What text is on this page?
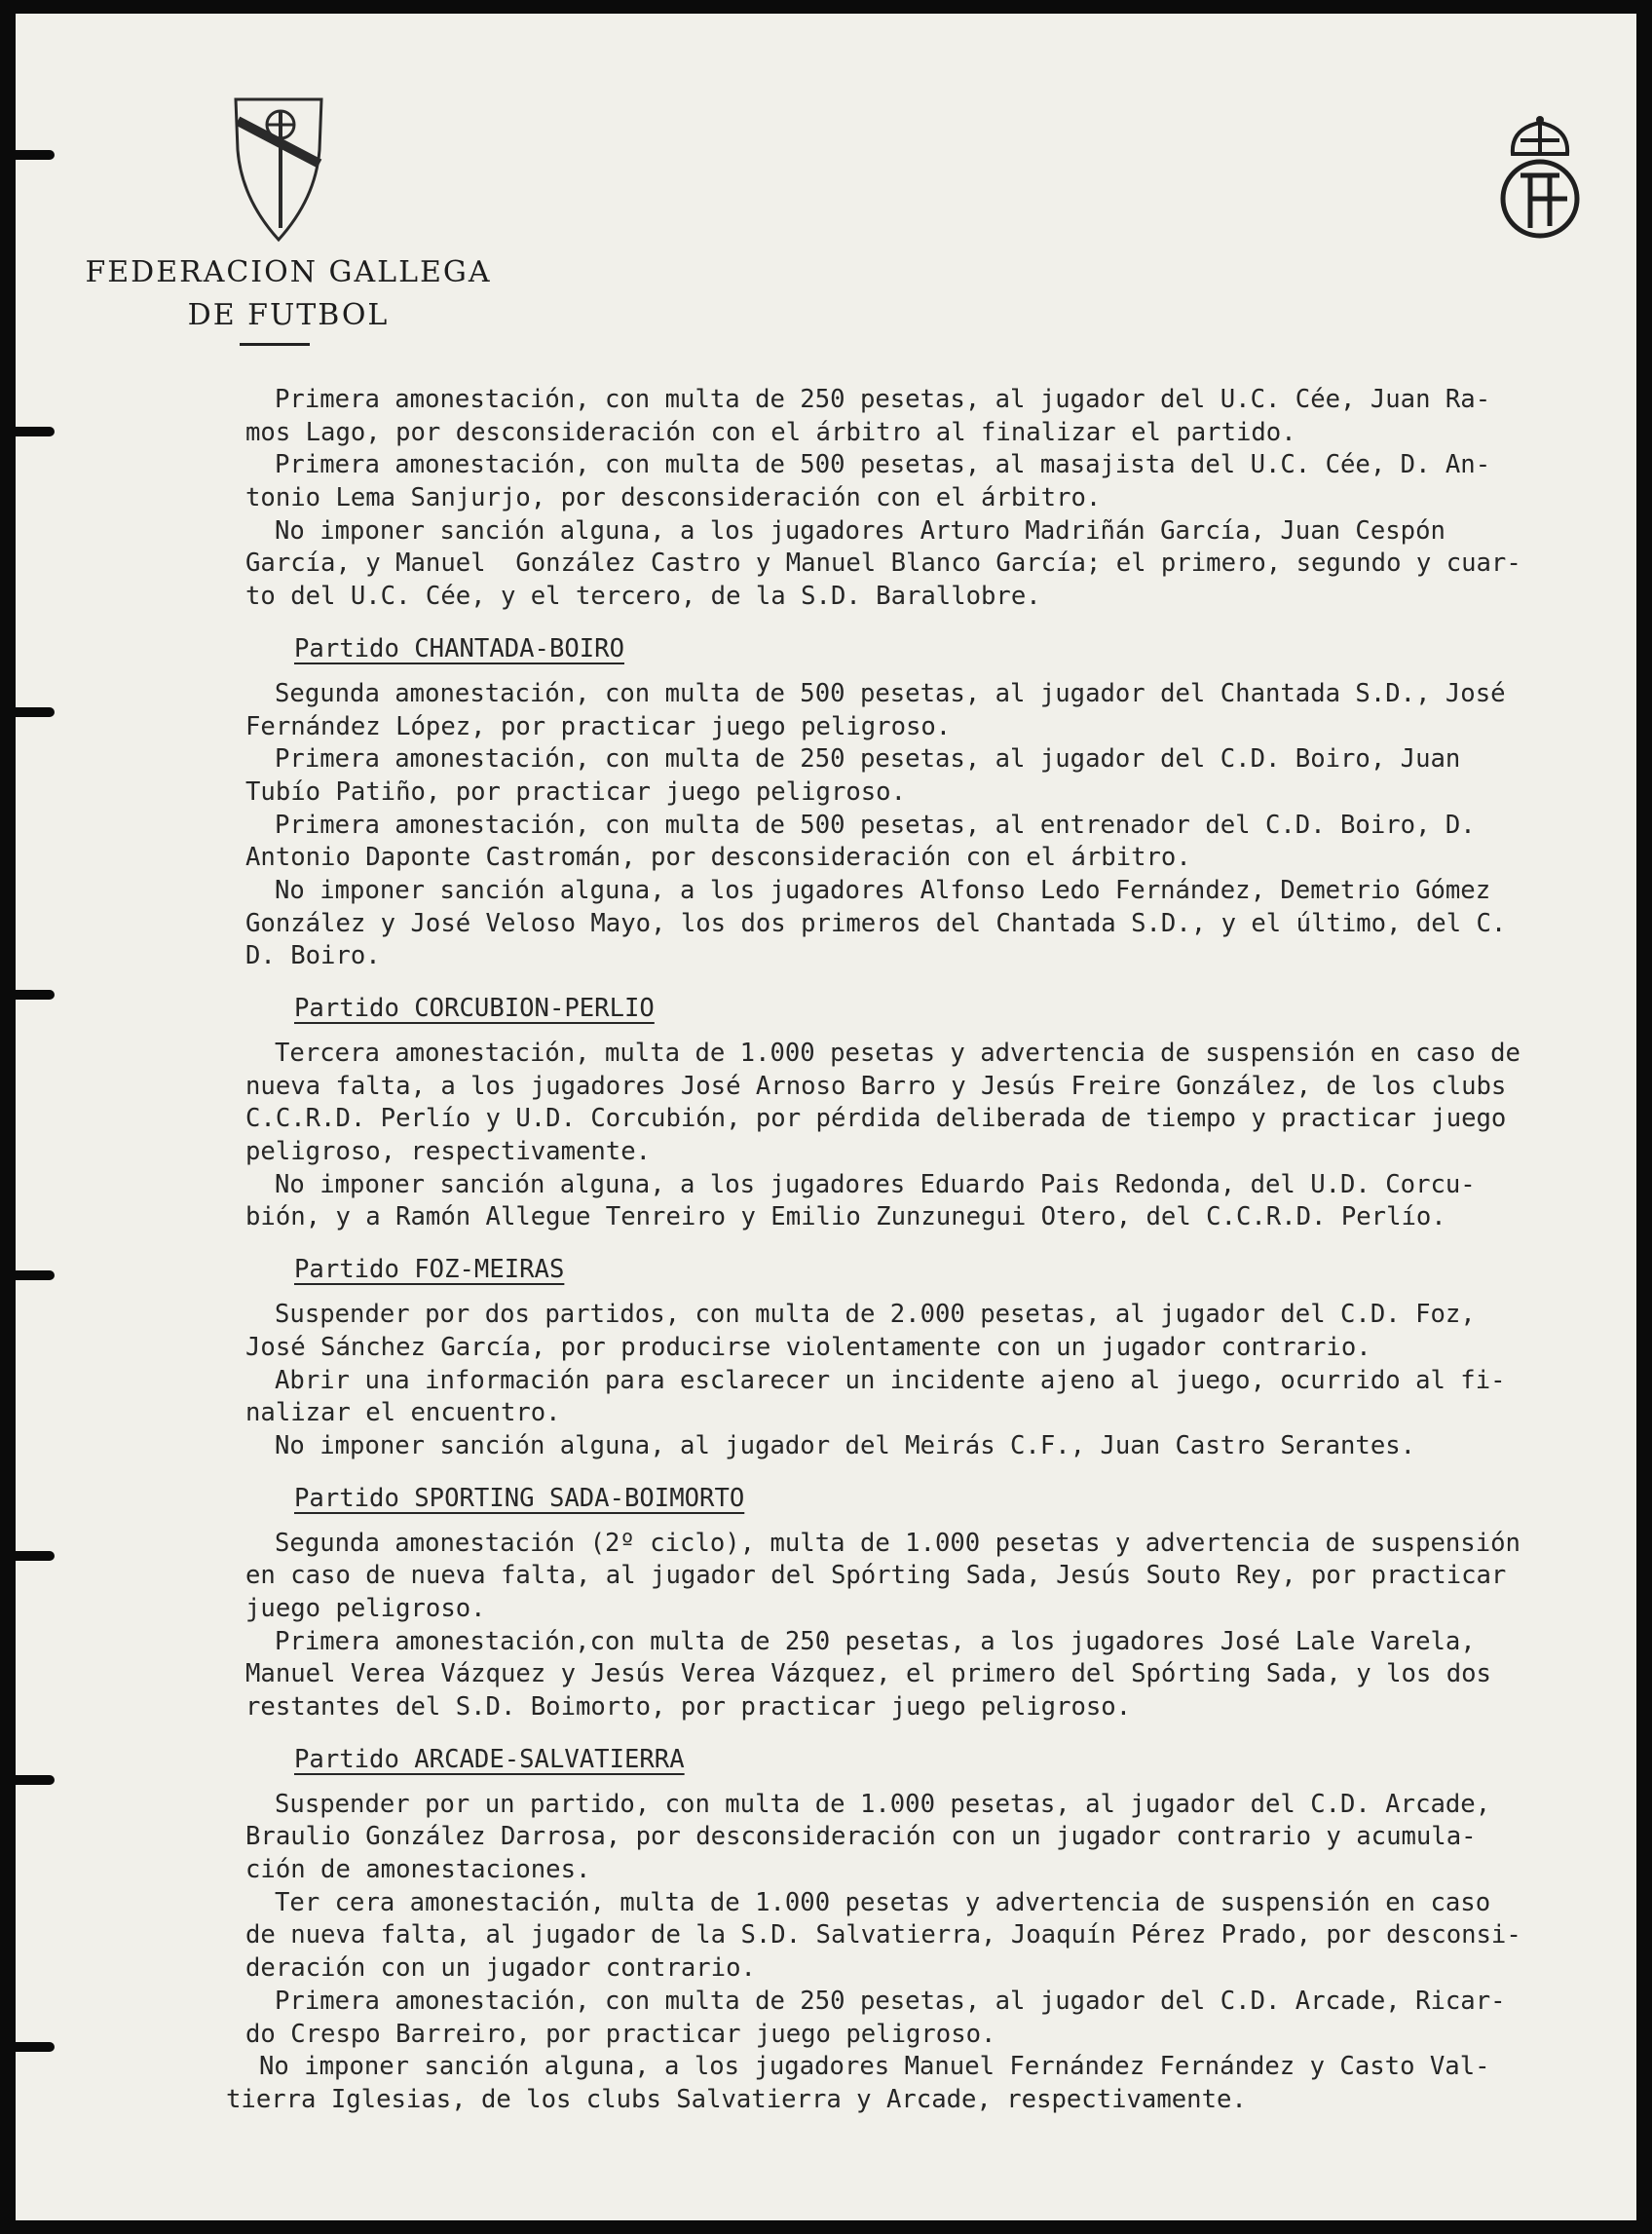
FEDERACION GALLEGA
DE FUTBOL
Primera amonestación, con multa de 250 pesetas, al jugador del U.C. Cée, Juan Ra-
mos Lago, por desconsideración con el árbitro al finalizar el partido.
Primera amonestación, con multa de 500 pesetas, al masajista del U.C. Cée, D. An-
tonio Lema Sanjurjo, por desconsideración con el árbitro.
No imponer sanción alguna, a los jugadores Arturo Madriñán García, Juan Cespón
García, y Manuel  González Castro y Manuel Blanco García; el primero, segundo y cuar-
to del U.C. Cée, y el tercero, de la S.D. Barallobre.
Partido CHANTADA-BOIRO
Segunda amonestación, con multa de 500 pesetas, al jugador del Chantada S.D., José
Fernández López, por practicar juego peligroso.
Primera amonestación, con multa de 250 pesetas, al jugador del C.D. Boiro, Juan
Tubío Patiño, por practicar juego peligroso.
Primera amonestación, con multa de 500 pesetas, al entrenador del C.D. Boiro, D.
Antonio Daponte Castromán, por desconsideración con el árbitro.
No imponer sanción alguna, a los jugadores Alfonso Ledo Fernández, Demetrio Gómez
González y José Veloso Mayo, los dos primeros del Chantada S.D., y el último, del C.
D. Boiro.
Partido CORCUBION-PERLIO
Tercera amonestación, multa de 1.000 pesetas y advertencia de suspensión en caso de
nueva falta, a los jugadores José Arnoso Barro y Jesús Freire González, de los clubs
C.C.R.D. Perlío y U.D. Corcubión, por pérdida deliberada de tiempo y practicar juego
peligroso, respectivamente.
No imponer sanción alguna, a los jugadores Eduardo Pais Redonda, del U.D. Corcu-
bión, y a Ramón Allegue Tenreiro y Emilio Zunzunegui Otero, del C.C.R.D. Perlío.
Partido FOZ-MEIRAS
Suspender por dos partidos, con multa de 2.000 pesetas, al jugador del C.D. Foz,
José Sánchez García, por producirse violentamente con un jugador contrario.
Abrir una información para esclarecer un incidente ajeno al juego, ocurrido al fi-
nalizar el encuentro.
No imponer sanción alguna, al jugador del Meirás C.F., Juan Castro Serantes.
Partido SPORTING SADA-BOIMORTO
Segunda amonestación (2º ciclo), multa de 1.000 pesetas y advertencia de suspensión
en caso de nueva falta, al jugador del Spórting Sada, Jesús Souto Rey, por practicar
juego peligroso.
Primera amonestación,con multa de 250 pesetas, a los jugadores José Lale Varela,
Manuel Verea Vázquez y Jesús Verea Vázquez, el primero del Spórting Sada, y los dos
restantes del S.D. Boimorto, por practicar juego peligroso.
Partido ARCADE-SALVATIERRA
Suspender por un partido, con multa de 1.000 pesetas, al jugador del C.D. Arcade,
Braulio González Darrosa, por desconsideración con un jugador contrario y acumula-
ción de amonestaciones.
Ter cera amonestación, multa de 1.000 pesetas y advertencia de suspensión en caso
de nueva falta, al jugador de la S.D. Salvatierra, Joaquín Pérez Prado, por desconsi-
deración con un jugador contrario.
Primera amonestación, con multa de 250 pesetas, al jugador del C.D. Arcade, Ricar-
do Crespo Barreiro, por practicar juego peligroso.
No imponer sanción alguna, a los jugadores Manuel Fernández Fernández y Casto Val-
tierra Iglesias, de los clubs Salvatierra y Arcade, respectivamente.
